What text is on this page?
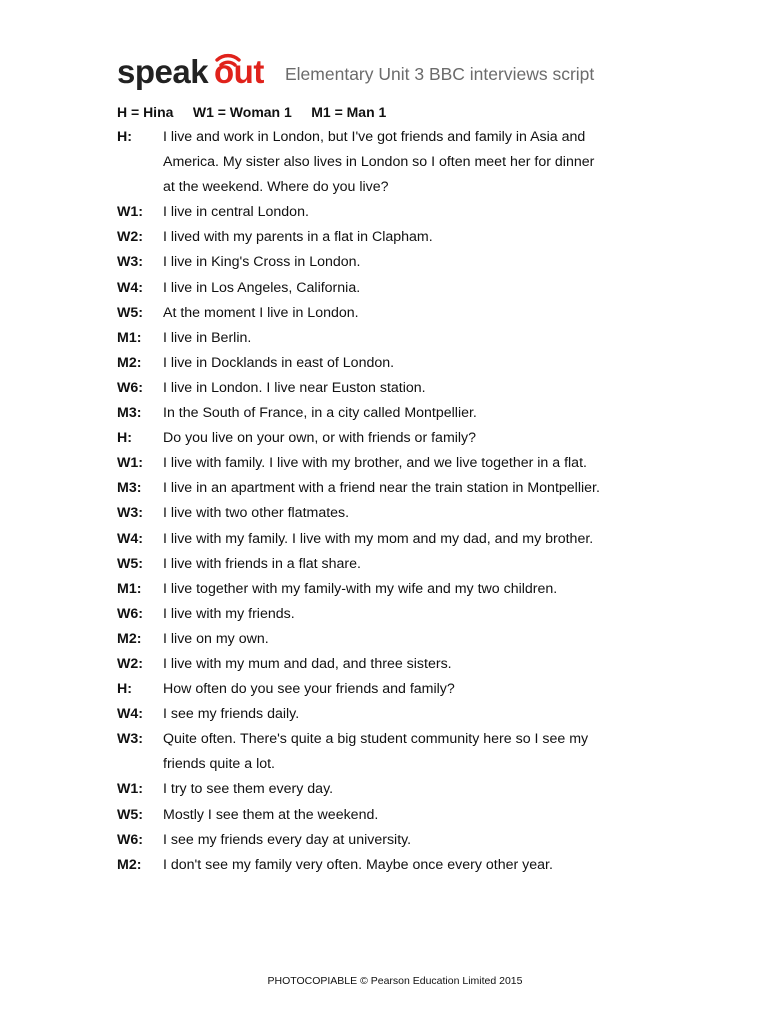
speak out Elementary Unit 3 BBC interviews script
H = Hina     W1 = Woman 1     M1 = Man 1
H:	I live and work in London, but I've got friends and family in Asia and
America. My sister also lives in London so I often meet her for dinner
at the weekend. Where do you live?
W1:	I live in central London.
W2:	I lived with my parents in a flat in Clapham.
W3:	I live in King's Cross in London.
W4:	I live in Los Angeles, California.
W5:	At the moment I live in London.
M1:	I live in Berlin.
M2:	I live in Docklands in east of London.
W6:	I live in London. I live near Euston station.
M3:	In the South of France, in a city called Montpellier.
H:	Do you live on your own, or with friends or family?
W1:	I live with family. I live with my brother, and we live together in a flat.
M3:	I live in an apartment with a friend near the train station in Montpellier.
W3:	I live with two other flatmates.
W4:	I live with my family. I live with my mom and my dad, and my brother.
W5:	I live with friends in a flat share.
M1:	I live together with my family-with my wife and my two children.
W6:	I live with my friends.
M2:	I live on my own.
W2:	I live with my mum and dad, and three sisters.
H:	How often do you see your friends and family?
W4:	I see my friends daily.
W3:	Quite often. There's quite a big student community here so I see my
friends quite a lot.
W1:	I try to see them every day.
W5:	Mostly I see them at the weekend.
W6:	I see my friends every day at university.
M2:	I don't see my family very often. Maybe once every other year.
PHOTOCOPIABLE © Pearson Education Limited 2015
